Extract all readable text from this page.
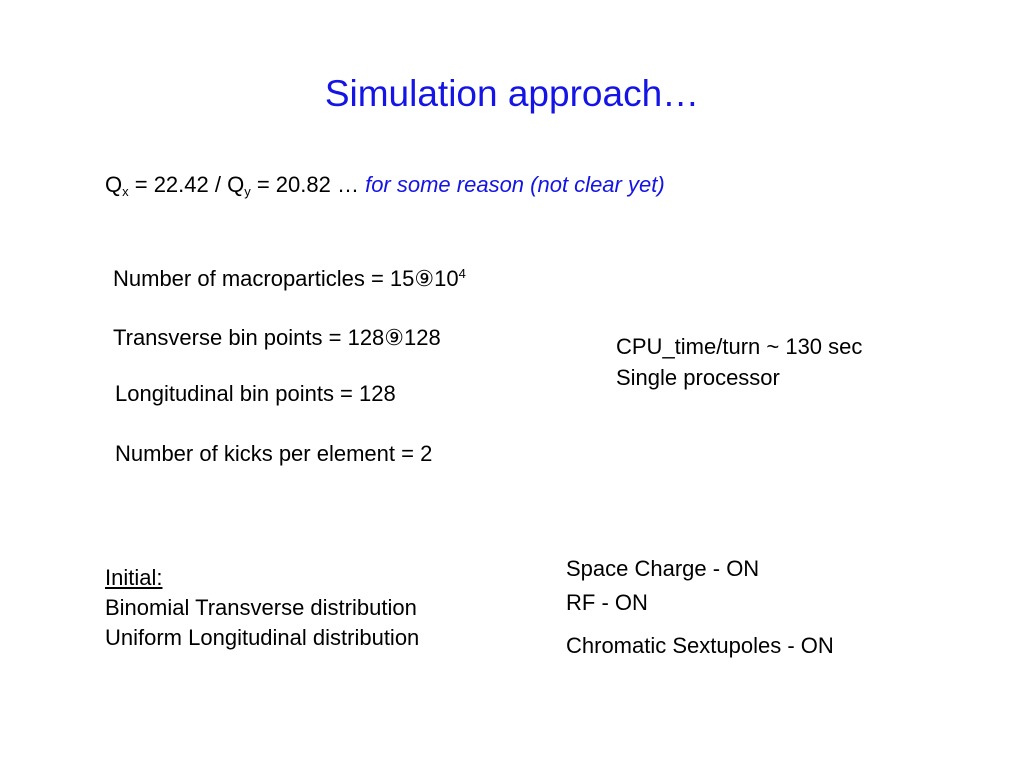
Simulation approach…
$Q_x = 22.42 / Q_y = 20.82$ … for some reason (not clear yet)
Number of macroparticles = $15⑨10^4$
Transverse bin points = 128⑨128
Longitudinal bin points = 128
Number of kicks per element = 2
CPU_time/turn ~ 130 sec
Single processor
Initial:
Binomial Transverse distribution
Uniform Longitudinal distribution
Space Charge - ON
RF - ON
Chromatic Sextupoles - ON
